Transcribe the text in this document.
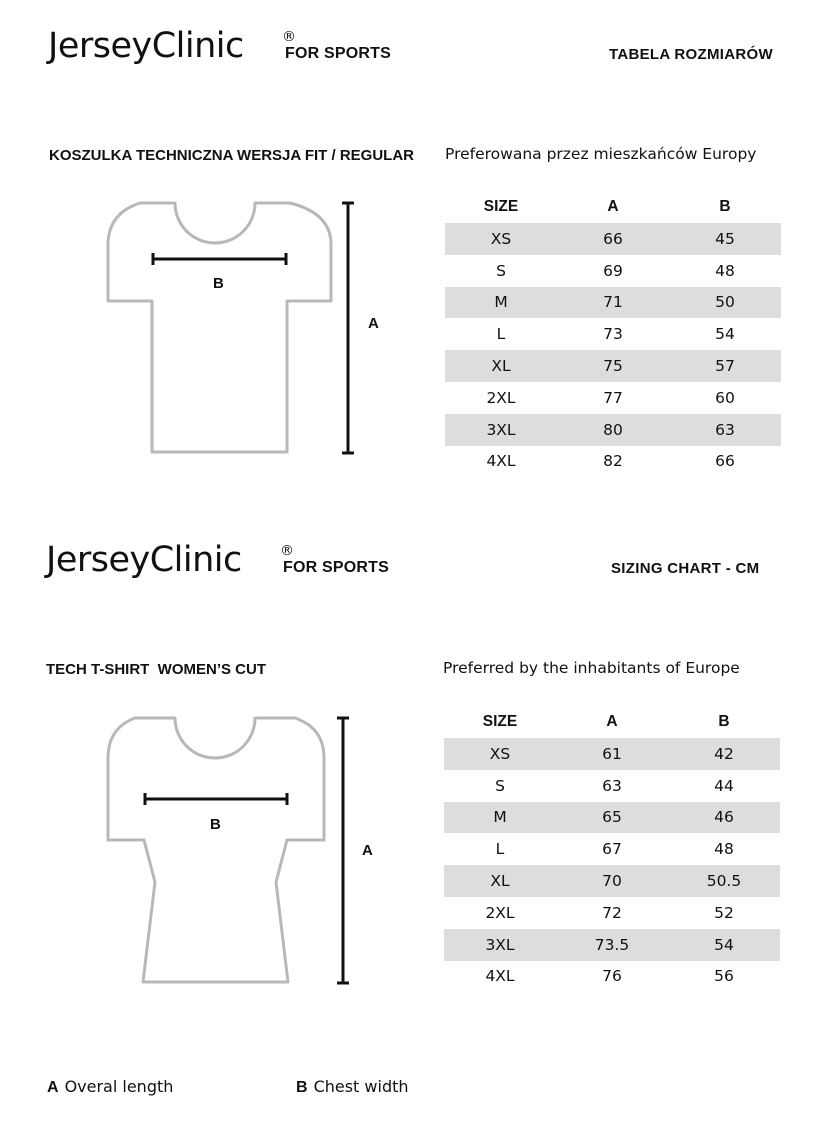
JerseyClinic	®
FOR SPORTS	TABELA ROZMIARÓW
KOSZULKA TECHNICZNA WERSJA FIT / REGULAR Preferowana przez mieszkańców Europy
B
A
SIZE	A	B
XS	66	45
S	69	48
M	71	50
L	73	54
XL	75	57
2XL	77	60
3XL	80	63
4XL	82	66
JerseyClinic	®
FOR SPORTS	SIZING CHART - CM
TECH T-SHIRT  WOMEN’S CUT	Preferred by the inhabitants of Europe
B
A
SIZE	A	B
XS	61	42
S	63	44
M	65	46
L	67	48
XL	70	50.5
2XL	72	52
3XL	73.5	54
4XL	76	56
A Overal length	B Chest width
